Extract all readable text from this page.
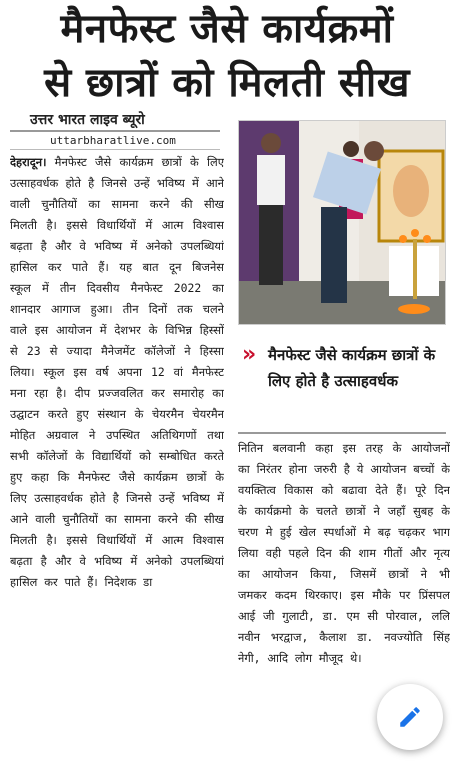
मैनफेस्ट जैसे कार्यक्रमों
से छात्रों को मिलती सीख
उत्तर भारत लाइव ब्यूरो
uttarbharatlive.com
देहरादून। मैनफेस्ट जैसे कार्यक्रम छात्रों के लिए उत्साहवर्धक होते है जिनसे उन्हें भविष्य में आने वाली चुनौतियों का सामना करने की सीख मिलती है। इससे विधार्थियों में आत्म विश्वास बढ़ता है और वे भविष्य में अनेको उपलब्धियां हासिल कर पाते हैं। यह बात दून बिजनेस स्कूल में तीन दिवसीय मैनफेस्ट 2022 का शानदार आगाज हुआ। तीन दिनों तक चलने वाले इस आयोजन में देशभर के विभिन्न हिस्सों से 23 से ज्यादा मैनेजमेंट कॉलेजों ने हिस्सा लिया। स्कूल इस वर्ष अपना 12 वां मैनफेस्ट मना रहा है। दीप प्रज्जवलित कर समारोह का उद्घाटन करते हुए संस्थान के चेयरमैन चेयरमैन मोहित अग्रवाल ने उपस्थित अतिथिगणों तथा सभी कॉलेजों के विद्यार्थियों को सम्बोधित करते हुए कहा कि मैनफेस्ट जैसे कार्यक्रम छात्रों के लिए उत्साहवर्धक होते है जिनसे उन्हें भविष्य में आने वाली चुनौतियों का सामना करने की सीख मिलती है। इससे विधार्थियों में आत्म विश्वास बढ़ता है और वे भविष्य में अनेको उपलब्धियां हासिल कर पाते हैं। निदेशक डा
» मैनफेस्ट जैसे कार्यक्रम छात्रों के लिए होते है उत्साहवर्धक
नितिन बलवानी कहा इस तरह के आयोजनों का निरंतर होना जरुरी है ये आयोजन बच्चों के वयक्तित्व विकास को बढावा देते हैं। पूरे दिन के कार्यक्रमो के चलते छात्रों ने जहाँ सुबह के चरण मे हुई खेल स्पर्धाओं मे बढ़ चढ़कर भाग लिया वही पहले दिन की शाम गीतों और नृत्य का आयोजन किया, जिसमें छात्रों ने भी जमकर कदम थिरकाए। इस मौके पर प्रिंसपल आई जी गुलाटी, डा. एम सी पोरवाल, ललि नवीन भरद्वाज, कैलाश डा. नवज्योति सिंह नेगी, आदि लोग मौजूद थे।
